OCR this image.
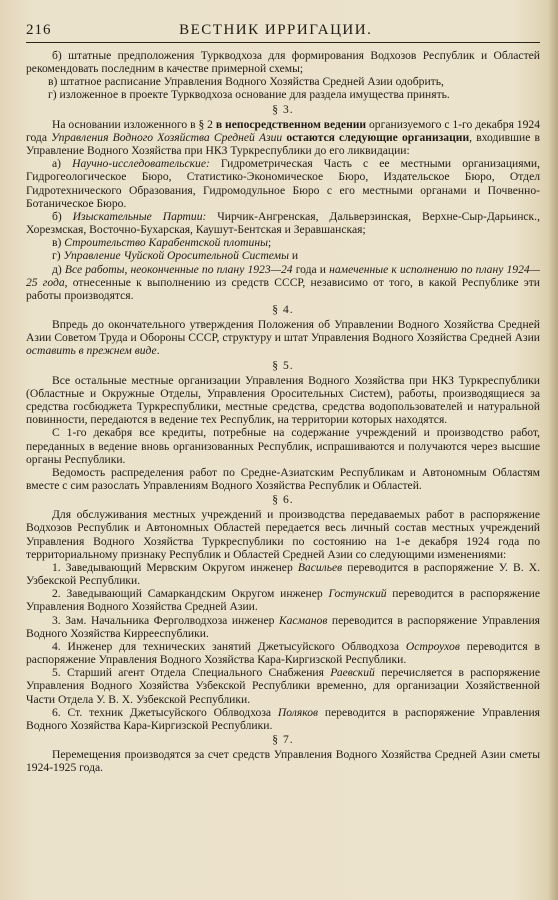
216	ВЕСТНИК ИРРИГАЦИИ.

б) штатные предположения Туркводхоза для формирования Водхозов Республик и Областей рекомендовать последним в качестве примерной схемы;

в) штатное расписание Управления Водного Хозяйства Средней Азии одобрить,

г) изложенное в проекте Туркводхоза основание для раздела имущества принять.

§ 3.

На основании изложенного в § 2 в непосредственном ведении организуемого с 1-го декабря 1924 года Управления Водного Хозяйства Средней Азии остаются следующие организации, входившие в Управление Водного Хозяйства при НКЗ Туркреспублики до его ликвидации:

а) Научно-исследовательские: Гидрометрическая Часть с ее местными организациями, Гидрогеологическое Бюро, Статистико-Экономическое Бюро, Издательское Бюро, Отдел Гидротехнического Образования, Гидромодульное Бюро с его местными органами и Почвенно-Ботаническое Бюро.

б) Изыскательные Партии: Чирчик-Ангренская, Дальверзинская, Верхне-Сыр-Дарьинск., Хорезмская, Восточно-Бухарская, Каушут-Бентская и Зеравшанская;

в) Строительство Карабентской плотины;

г) Управление Чуйской Оросительной Системы и

д) Все работы, неоконченные по плану 1923—24 года и намеченные к исполнению по плану 1924—25 года, отнесенные к выполнению из средств СССР, независимо от того, в какой Республике эти работы производятся.

§ 4.

Впредь до окончательного утверждения Положения об Управлении Водного Хозяйства Средней Азии Советом Труда и Обороны СССР, структуру и штат Управления Водного Хозяйства Средней Азии оставить в прежнем виде.

§ 5.

Все остальные местные организации Управления Водного Хозяйства при НКЗ Туркреспублики (Областные и Окружные Отделы, Управления Оросительных Систем), работы, производящиеся за средства госбюджета Туркреспублики, местные средства, средства водопользователей и натуральной повинности, передаются в ведение тех Республик, на территории которых находятся.

С 1-го декабря все кредиты, потребные на содержание учреждений и производство работ, переданных в ведение вновь организованных Республик, испрашиваются и получаются через высшие органы Республики.

Ведомость распределения работ по Средне-Азиатским Республикам и Автономным Областям вместе с сим разослать Управлениям Водного Хозяйства Республик и Областей.

§ 6.

Для обслуживания местных учреждений и производства передаваемых работ в распоряжение Водхозов Республик и Автономных Областей передается весь личный состав местных учреждений Управления Водного Хозяйства Туркреспублики по состоянию на 1-е декабря 1924 года по территориальному признаку Республик и Областей Средней Азии со следующими изменениями:

1. Заведывающий Мервским Округом инженер Васильев переводится в распоряжение У. В. Х. Узбекской Республики.

2. Заведывающий Самаркандским Округом инженер Гостунский переводится в распоряжение Управления Водного Хозяйства Средней Азии.

3. Зам. Начальника Ферголводхоза инженер Касманов переводится в распоряжение Управления Водного Хозяйства Киррееспублики.

4. Инженер для технических занятий Джетысуйского Облводхоза Остроухов переводится в распоряжение Управления Водного Хозяйства Кара-Киргизской Республики.

5. Старший агент Отдела Специального Снабжения Раевский перечисляется в распоряжение Управления Водного Хозяйства Узбекской Республики временно, для организации Хозяйственной Части Отдела У. В. Х. Узбекской Республики.

6. Ст. техник Джетысуйского Облводхоза Поляков переводится в распоряжение Управления Водного Хозяйства Кара-Киргизской Республики.

§ 7.

Перемещения производятся за счет средств Управления Водного Хозяйства Средней Азии сметы 1924-1925 года.
